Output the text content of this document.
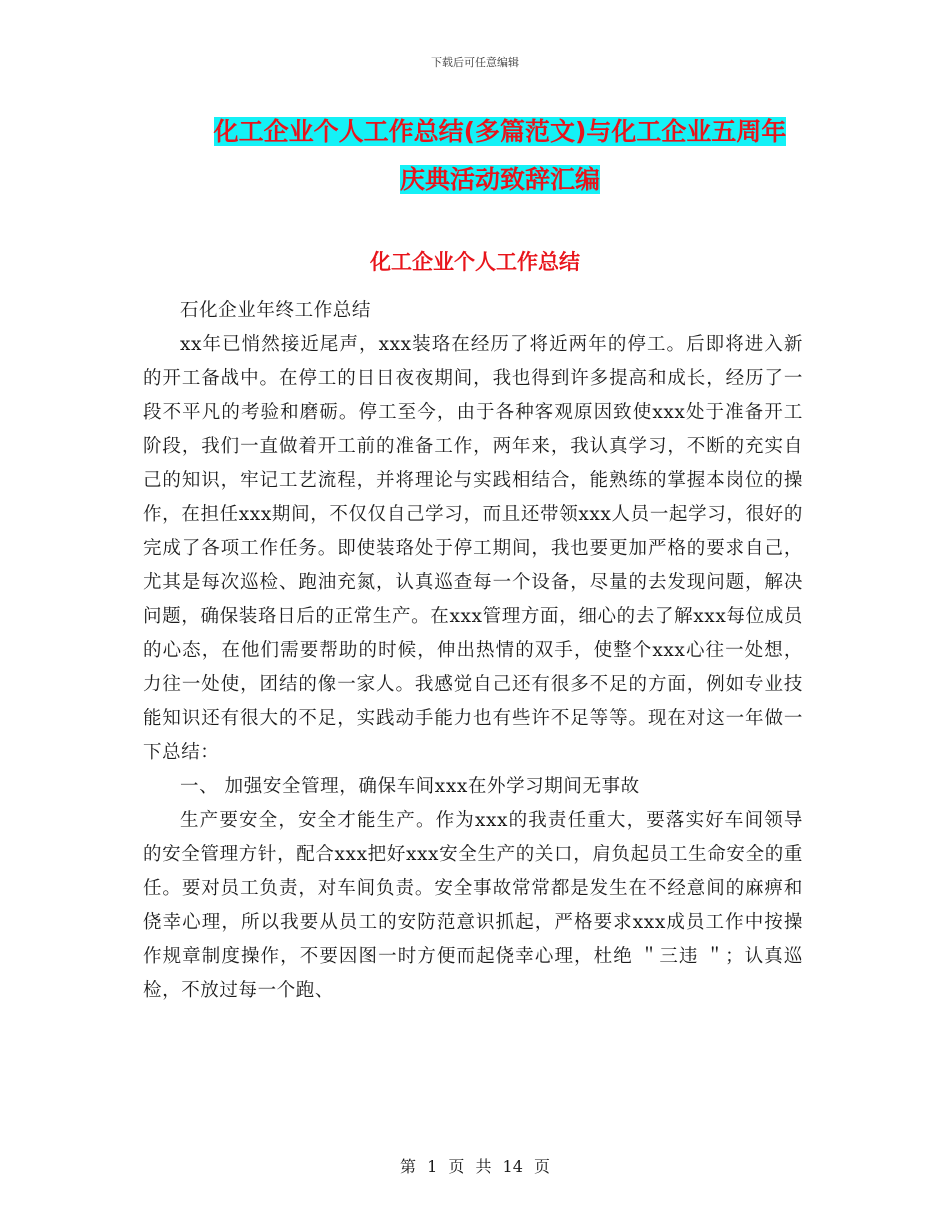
下载后可任意编辑
化工企业个人工作总结(多篇范文)与化工企业五周年
庆典活动致辞汇编
化工企业个人工作总结

石化企业年终工作总结

xx年已悄然接近尾声，xxx装珞在经历了将近两年的停工。后即将进入新的开工备战中。在停工的日日夜夜期间，我也得到许多提高和成长，经历了一段不平凡的考验和磨砺。停工至今，由于各种客观原因致使xxx处于准备开工阶段，我们一直做着开工前的准备工作，两年来，我认真学习，不断的充实自己的知识，牢记工艺流程，并将理论与实践相结合，能熟练的掌握本岗位的操作，在担任xxx期间，不仅仅自己学习，而且还带领xxx人员一起学习，很好的完成了各项工作任务。即使装珞处于停工期间，我也要更加严格的要求自己，尤其是每次巡检、跑油充氮，认真巡查每一个设备，尽量的去发现问题，解决问题，确保装珞日后的正常生产。在xxx管理方面，细心的去了解xxx每位成员的心态，在他们需要帮助的时候，伸出热情的双手，使整个xxx心往一处想，力往一处使，团结的像一家人。我感觉自己还有很多不足的方面，例如专业技能知识还有很大的不足，实践动手能力也有些许不足等等。现在对这一年做一下总结：

一、 加强安全管理，确保车间xxx在外学习期间无事故

生产要安全，安全才能生产。作为xxx的我责任重大，要落实好车间领导的安全管理方针，配合xxx把好xxx安全生产的关口，肩负起员工生命安全的重任。要对员工负责，对车间负责。安全事故常常都是发生在不经意间的麻痹和侥幸心理，所以我要从员工的安防范意识抓起，严格要求xxx成员工作中按操作规章制度操作，不要因图一时方便而起侥幸心理，杜绝 ＂三违 ＂；认真巡检，不放过每一个跑、

第 1 页 共 14 页
